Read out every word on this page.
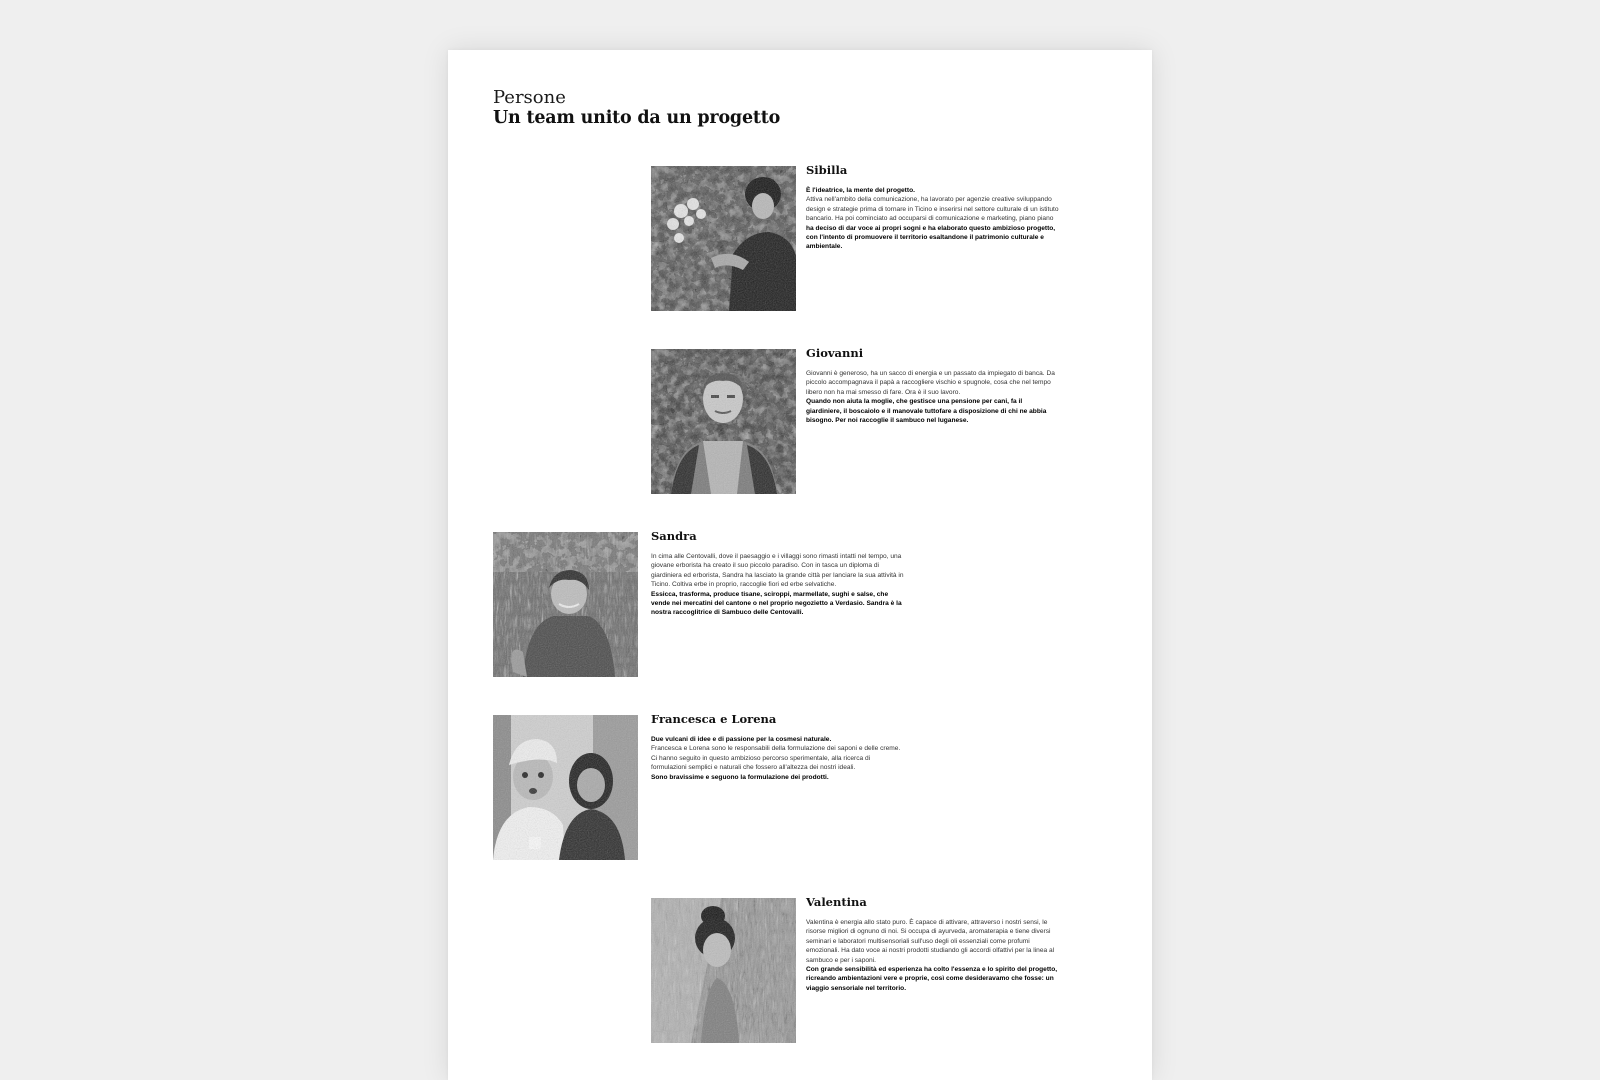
Persone
Un team unito da un progetto
Sibilla
È l'ideatrice, la mente del progetto.
Attiva nell'ambito della comunicazione, ha lavorato per agenzie creative sviluppando design e strategie prima di tornare in Ticino e inserirsi nel settore culturale di un istituto bancario. Ha poi cominciato ad occuparsi di comunicazione e marketing, piano piano ha deciso di dar voce ai propri sogni e ha elaborato questo ambizioso progetto, con l'intento di promuovere il territorio esaltandone il patrimonio culturale e ambientale.
Giovanni
Giovanni è generoso, ha un sacco di energia e un passato da impiegato di banca. Da piccolo accompagnava il papà a raccogliere vischio e spugnole, cosa che nel tempo libero non ha mai smesso di fare. Ora è il suo lavoro.
Quando non aiuta la moglie, che gestisce una pensione per cani, fa il giardiniere, il boscaiolo e il manovale tuttofare a disposizione di chi ne abbia bisogno. Per noi raccoglie il sambuco nel luganese.
Sandra
In cima alle Centovalli, dove il paesaggio e i villaggi sono rimasti intatti nel tempo, una giovane erborista ha creato il suo piccolo paradiso. Con in tasca un diploma di giardiniera ed erborista, Sandra ha lasciato la grande città per lanciare la sua attività in Ticino. Coltiva erbe in proprio, raccoglie fiori ed erbe selvatiche.
Essicca, trasforma, produce tisane, sciroppi, marmellate, sughi e salse, che vende nei mercatini del cantone o nel proprio negozietto a Verdasio. Sandra è la nostra raccoglitrice di Sambuco delle Centovalli.
Francesca e Lorena
Due vulcani di idee e di passione per la cosmesi naturale.
Francesca e Lorena sono le responsabili della formulazione dei saponi e delle creme. Ci hanno seguito in questo ambizioso percorso sperimentale, alla ricerca di formulazioni semplici e naturali che fossero all'altezza dei nostri ideali.
Sono bravissime e seguono la formulazione dei prodotti.
Valentina
Valentina è energia allo stato puro. È capace di attivare, attraverso i nostri sensi, le risorse migliori di ognuno di noi. Si occupa di ayurveda, aromaterapia e tiene diversi seminari e laboratori multisensoriali sull'uso degli oli essenziali come profumi emozionali. Ha dato voce ai nostri prodotti studiando gli accordi olfattivi per la linea al sambuco e per i saponi.
Con grande sensibilità ed esperienza ha colto l'essenza e lo spirito del progetto, ricreando ambientazioni vere e proprie, così come desideravamo che fosse: un viaggio sensoriale nel territorio.
